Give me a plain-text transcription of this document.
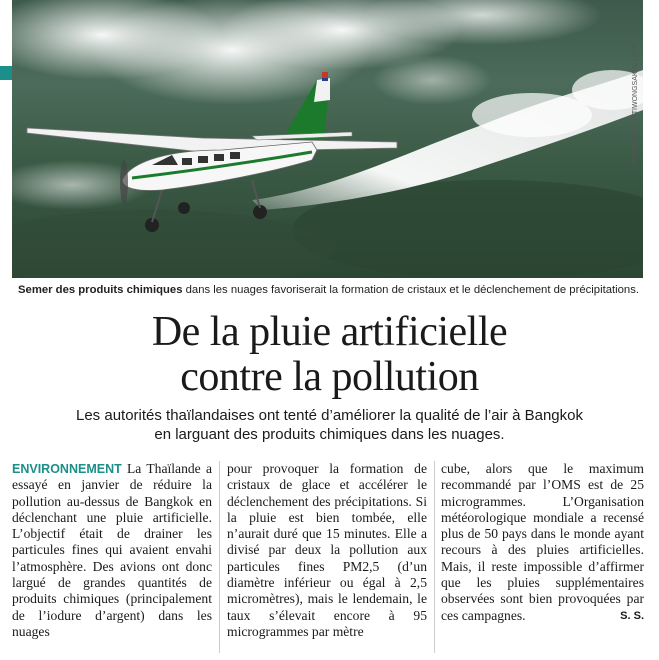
PORNCHAI KITTIWONGSAKUL / AFP
Semer des produits chimiques dans les nuages favoriserait la formation de cristaux et le déclenchement de précipitations.
De la pluie artificielle
contre la pollution
Les autorités thaïlandaises ont tenté d’améliorer la qualité de l’air à Bangkok
en larguant des produits chimiques dans les nuages.
ENVIRONNEMENT La Thaïlande a essayé en janvier de réduire la pollution au-dessus de Bangkok en déclenchant une pluie artificielle. L’objectif était de drainer les particules fines qui avaient envahi l’atmosphère. Des avions ont donc largué de grandes quantités de produits chimiques (principalement de l’iodure d’argent) dans les nuages
pour provoquer la formation de cristaux de glace et accélérer le déclenchement des précipitations. Si la pluie est bien tombée, elle n’aurait duré que 15 minutes. Elle a divisé par deux la pollution aux particules fines PM2,5 (d’un diamètre inférieur ou égal à 2,5 micromètres), mais le lendemain, le taux s’élevait encore à 95 microgrammes par mètre
cube, alors que le maximum recommandé par l’OMS est de 25 microgrammes. L’Organisation météorologique mondiale a recensé plus de 50 pays dans le monde ayant recours à des pluies artificielles. Mais, il reste impossible d’affirmer que les pluies supplémentaires observées sont bien provoquées par ces campagnes.	S. S.
